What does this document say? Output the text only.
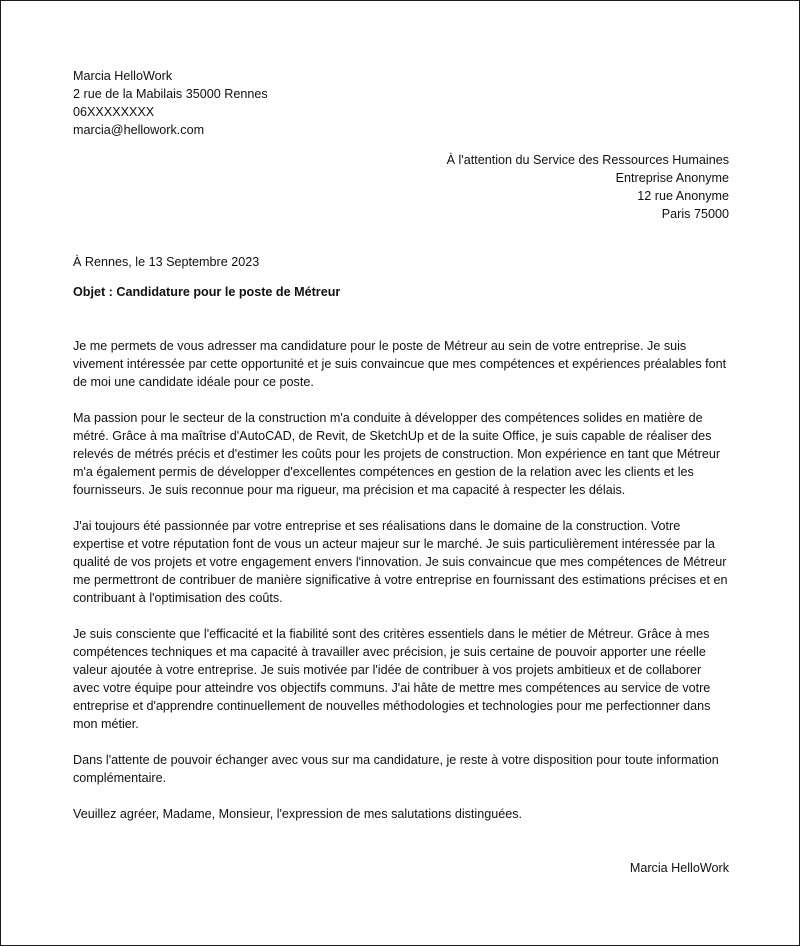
Marcia HelloWork
2 rue de la Mabilais 35000 Rennes
06XXXXXXXX
marcia@hellowork.com
À l'attention du Service des Ressources Humaines
Entreprise Anonyme
12 rue Anonyme
Paris 75000
À Rennes, le 13 Septembre 2023
Objet : Candidature pour le poste de Métreur

Je me permets de vous adresser ma candidature pour le poste de Métreur au sein de votre entreprise. Je suis vivement intéressée par cette opportunité et je suis convaincue que mes compétences et expériences préalables font de moi une candidate idéale pour ce poste.

Ma passion pour le secteur de la construction m'a conduite à développer des compétences solides en matière de métré. Grâce à ma maîtrise d'AutoCAD, de Revit, de SketchUp et de la suite Office, je suis capable de réaliser des relevés de métrés précis et d'estimer les coûts pour les projets de construction. Mon expérience en tant que Métreur m'a également permis de développer d'excellentes compétences en gestion de la relation avec les clients et les fournisseurs. Je suis reconnue pour ma rigueur, ma précision et ma capacité à respecter les délais.

J'ai toujours été passionnée par votre entreprise et ses réalisations dans le domaine de la construction. Votre expertise et votre réputation font de vous un acteur majeur sur le marché. Je suis particulièrement intéressée par la qualité de vos projets et votre engagement envers l'innovation. Je suis convaincue que mes compétences de Métreur me permettront de contribuer de manière significative à votre entreprise en fournissant des estimations précises et en contribuant à l'optimisation des coûts.

Je suis consciente que l'efficacité et la fiabilité sont des critères essentiels dans le métier de Métreur. Grâce à mes compétences techniques et ma capacité à travailler avec précision, je suis certaine de pouvoir apporter une réelle valeur ajoutée à votre entreprise. Je suis motivée par l'idée de contribuer à vos projets ambitieux et de collaborer avec votre équipe pour atteindre vos objectifs communs. J'ai hâte de mettre mes compétences au service de votre entreprise et d'apprendre continuellement de nouvelles méthodologies et technologies pour me perfectionner dans mon métier.

Dans l'attente de pouvoir échanger avec vous sur ma candidature, je reste à votre disposition pour toute information complémentaire.

Veuillez agréer, Madame, Monsieur, l'expression de mes salutations distinguées.

Marcia HelloWork
